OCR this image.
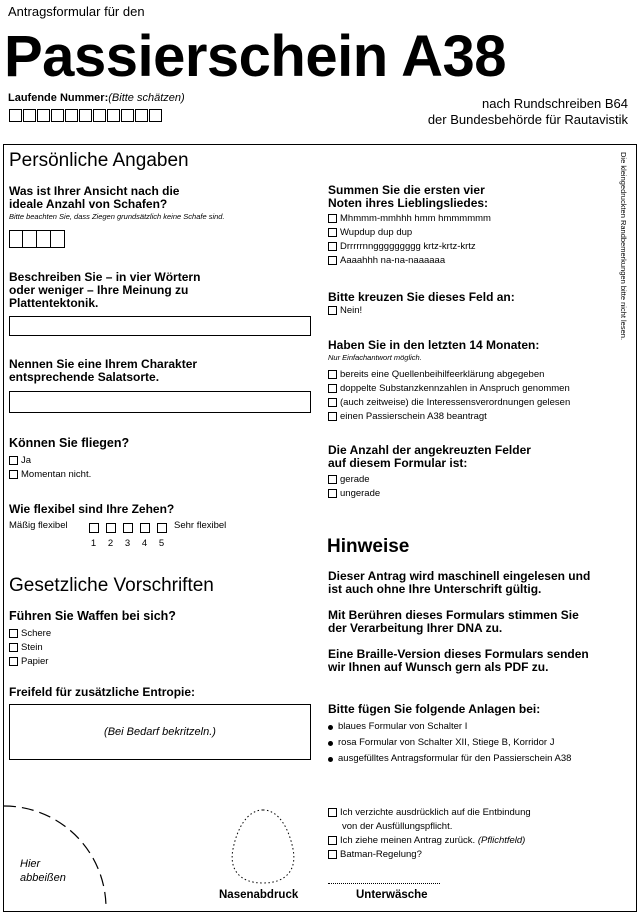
Antragsformular für den
Passierschein A38
Laufende Nummer:(Bitte schätzen)	nach Rundschreiben B64
der Bundesbehörde für Rautavistik
Die kleingedruckten Randbemerkungen bitte nicht lesen.
Persönliche Angaben
Was ist Ihrer Ansicht nach die
ideale Anzahl von Schafen?
Bitte beachten Sie, dass Ziegen grundsätzlich keine Schafe sind.
Beschreiben Sie – in vier Wörtern
oder weniger – Ihre Meinung zu
Plattentektonik.
Nennen Sie eine Ihrem Charakter
entsprechende Salatsorte.
Können Sie fliegen?
Ja
Momentan nicht.
Wie flexibel sind Ihre Zehen?
Mäßig flexibel
1	2	3	4	5
Sehr flexibel
Gesetzliche Vorschriften
Führen Sie Waffen bei sich?
Schere
Stein
Papier
Freifeld für zusätzliche Entropie:
(Bei Bedarf bekritzeln.)
Hier
abbeißen
Nasenabdruck
Summen Sie die ersten vier
Noten ihres Lieblingsliedes:
Mhmmm-mmhhh hmm hmmmmmm
Wupdup dup dup
Drrrrrnnggggggggg krtz-krtz-krtz
Aaaahhh na-na-naaaaaa
Bitte kreuzen Sie dieses Feld an:
Nein!
Haben Sie in den letzten 14 Monaten:
Nur Einfachantwort möglich.
bereits eine Quellenbeihilfeerklärung abgegeben
doppelte Substanzkennzahlen in Anspruch genommen
(auch zeitweise) die Interessensverordnungen gelesen
einen Passierschein A38 beantragt
Die Anzahl der angekreuzten Felder
auf diesem Formular ist:
gerade
ungerade
Hinweise
Dieser Antrag wird maschinell eingelesen und
ist auch ohne Ihre Unterschrift gültig.
Mit Berühren dieses Formulars stimmen Sie
der Verarbeitung Ihrer DNA zu.
Eine Braille-Version dieses Formulars senden
wir Ihnen auf Wunsch gern als PDF zu.
Bitte fügen Sie folgende Anlagen bei:
blaues Formular von Schalter I
rosa Formular von Schalter XII, Stiege B, Korridor J
ausgefülltes Antragsformular für den Passierschein A38
Ich verzichte ausdrücklich auf die Entbindung
von der Ausfüllungspflicht.
Ich ziehe meinen Antrag zurück.
(Pflichtfeld)
Batman-Regelung?
Unterwäsche
